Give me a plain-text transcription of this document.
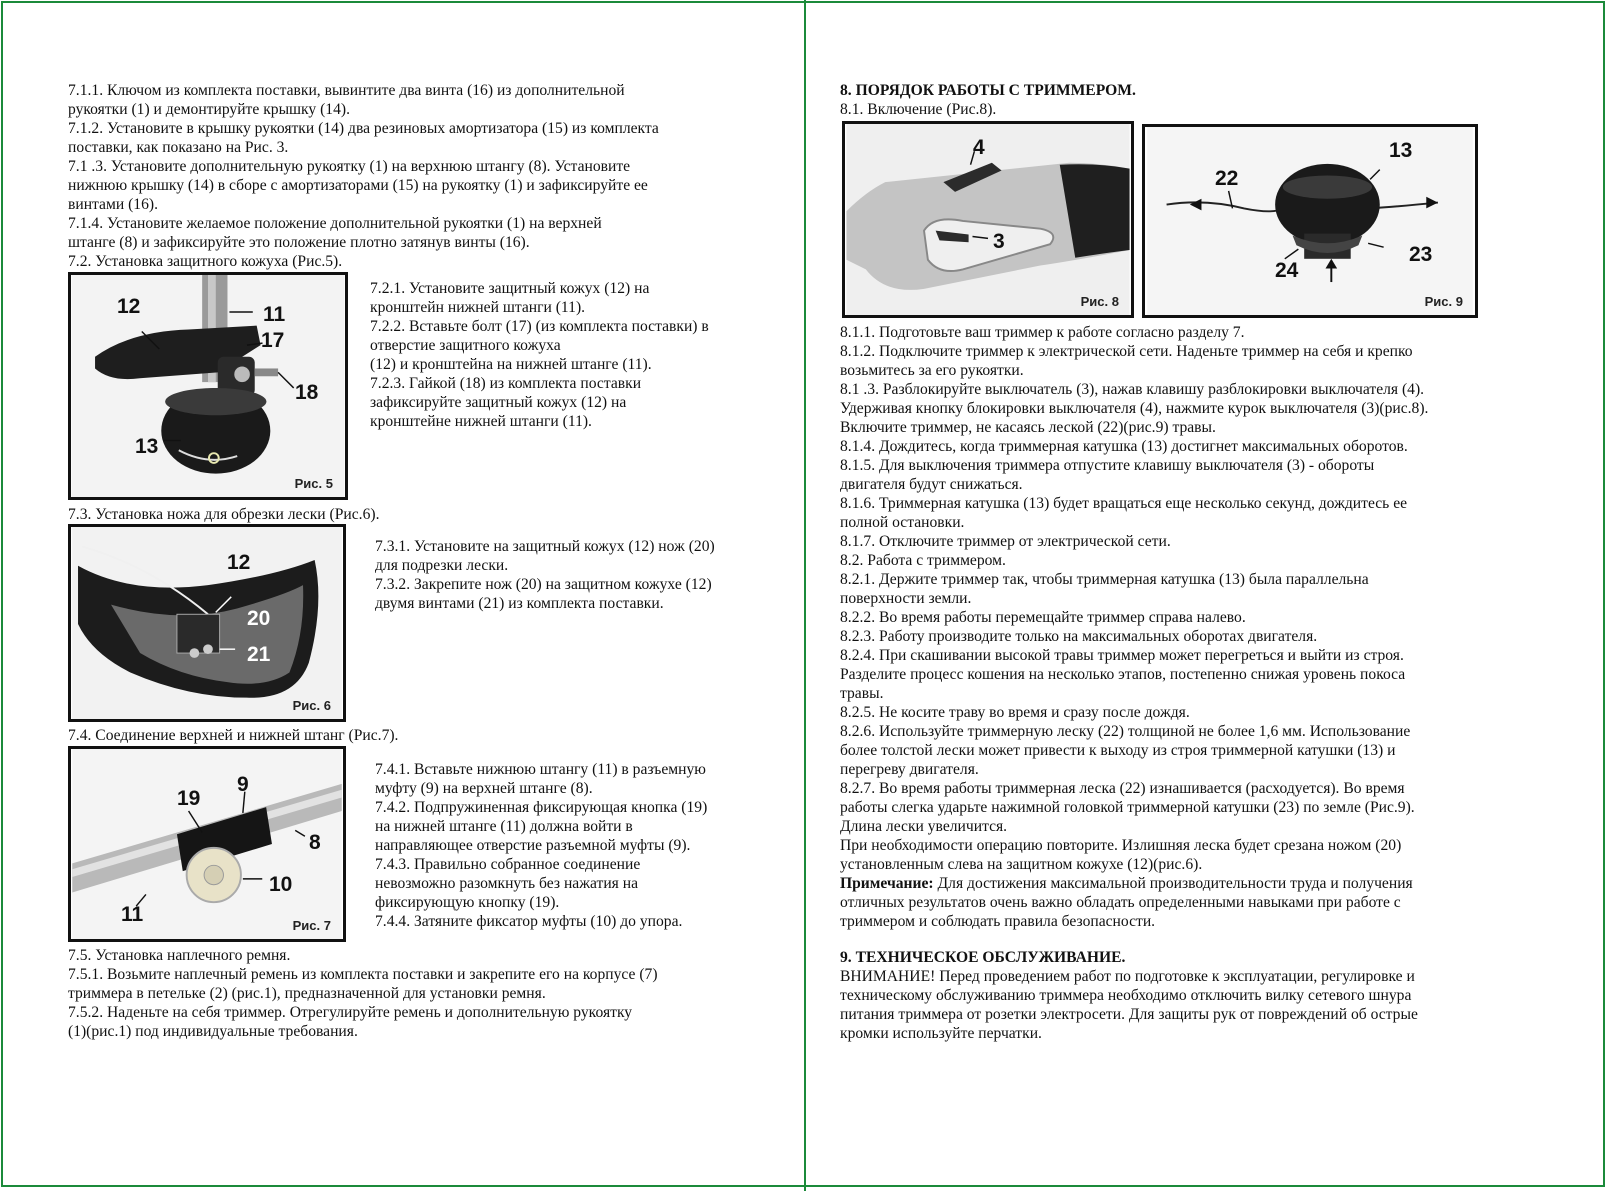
7.1.1. Ключом из комплекта поставки, вывинтите два винта (16) из дополнительной
рукоятки (1) и демонтируйте крышку (14).
7.1.2. Установите в крышку рукоятки (14) два резиновых амортизатора (15) из комплекта
поставки, как показано на Рис. 3.
7.1 .3. Установите дополнительную рукоятку (1) на верхнюю штангу (8). Установите
нижнюю крышку (14) в сборе с амортизаторами (15) на рукоятку (1) и зафиксируйте ее
винтами (16).
7.1.4. Установите желаемое положение дополнительной рукоятки (1) на верхней
штанге (8) и зафиксируйте это положение плотно затянув винты (16).
7.2. Установка защитного кожуха (Рис.5).
12	11
17
18
13
Рис. 5
7.2.1. Установите защитный кожух (12) на
кронштейн нижней штанги (11).
7.2.2. Вставьте болт (17) (из комплекта поставки) в
отверстие защитного кожуха
(12) и кронштейна на нижней штанге (11).
7.2.3. Гайкой (18) из комплекта поставки
зафиксируйте защитный кожух (12) на
кронштейне нижней штанги (11).
7.3. Установка ножа для обрезки лески (Рис.6).
12
20
21
Рис. 6
7.3.1. Установите на защитный кожух (12) нож (20)
для подрезки лески.
7.3.2. Закрепите нож (20) на защитном кожухе (12)
двумя винтами (21) из комплекта поставки.
7.4. Соединение верхней и нижней штанг (Рис.7).
19
9
8
10
11	Рис. 7
7.4.1. Вставьте нижнюю штангу (11) в разъемную
муфту (9) на верхней штанге (8).
7.4.2. Подпружиненная фиксирующая кнопка (19)
на нижней штанге (11) должна войти в
направляющее отверстие разъемной муфты (9).
7.4.3. Правильно собранное соединение
невозможно разомкнуть без нажатия на
фиксирующую кнопку (19).
7.4.4. Затяните фиксатор муфты (10) до упора.
7.5. Установка наплечного ремня.
7.5.1. Возьмите наплечный ремень из комплекта поставки и закрепите его на корпусе (7)
триммера в петельке (2) (рис.1), предназначенной для установки ремня.
7.5.2. Наденьте на себя триммер. Отрегулируйте ремень и дополнительную рукоятку
(1)(рис.1) под индивидуальные требования.
8. ПОРЯДОК РАБОТЫ С ТРИММЕРОМ.
8.1. Включение (Рис.8).
4
3
Рис. 8
13
22
23
24
Рис. 9
8.1.1. Подготовьте ваш триммер к работе согласно разделу 7.
8.1.2. Подключите триммер к электрической сети. Наденьте триммер на себя и крепко
возьмитесь за его рукоятки.
8.1 .3. Разблокируйте выключатель (3), нажав клавишу разблокировки выключателя (4).
Удерживая кнопку блокировки выключателя (4), нажмите курок выключателя (3)(рис.8).
Включите триммер, не касаясь леской (22)(рис.9) травы.
8.1.4. Дождитесь, когда триммерная катушка (13) достигнет максимальных оборотов.
8.1.5. Для выключения триммера отпустите клавишу выключателя (3) - обороты
двигателя будут снижаться.
8.1.6. Триммерная катушка (13) будет вращаться еще несколько секунд, дождитесь ее
полной остановки.
8.1.7. Отключите триммер от электрической сети.
8.2. Работа с триммером.
8.2.1. Держите триммер так, чтобы триммерная катушка (13) была параллельна
поверхности земли.
8.2.2. Во время работы перемещайте триммер справа налево.
8.2.3. Работу производите только на максимальных оборотах двигателя.
8.2.4. При скашивании высокой травы триммер может перегреться и выйти из строя.
Разделите процесс кошения на несколько этапов, постепенно снижая уровень покоса
травы.
8.2.5. Не косите траву во время и сразу после дождя.
8.2.6. Используйте триммерную леску (22) толщиной не более 1,6 мм. Использование
более толстой лески может привести к выходу из строя триммерной катушки (13) и
перегреву двигателя.
8.2.7. Во время работы триммерная леска (22) изнашивается (расходуется). Во время
работы слегка ударьте нажимной головкой триммерной катушки (23) по земле (Рис.9).
Длина лески увеличится.
При необходимости операцию повторите. Излишняя леска будет срезана ножом (20)
установленным слева на защитном кожухе (12)(рис.6).
Примечание: Для достижения максимальной производительности труда и получения
отличных результатов очень важно обладать определенными навыками при работе с
триммером и соблюдать правила безопасности.
9. ТЕХНИЧЕСКОЕ ОБСЛУЖИВАНИЕ.
ВНИМАНИЕ! Перед проведением работ по подготовке к эксплуатации, регулировке и
техническому обслуживанию триммера необходимо отключить вилку сетевого шнура
питания триммера от розетки электросети. Для защиты рук от повреждений об острые
кромки используйте перчатки.
